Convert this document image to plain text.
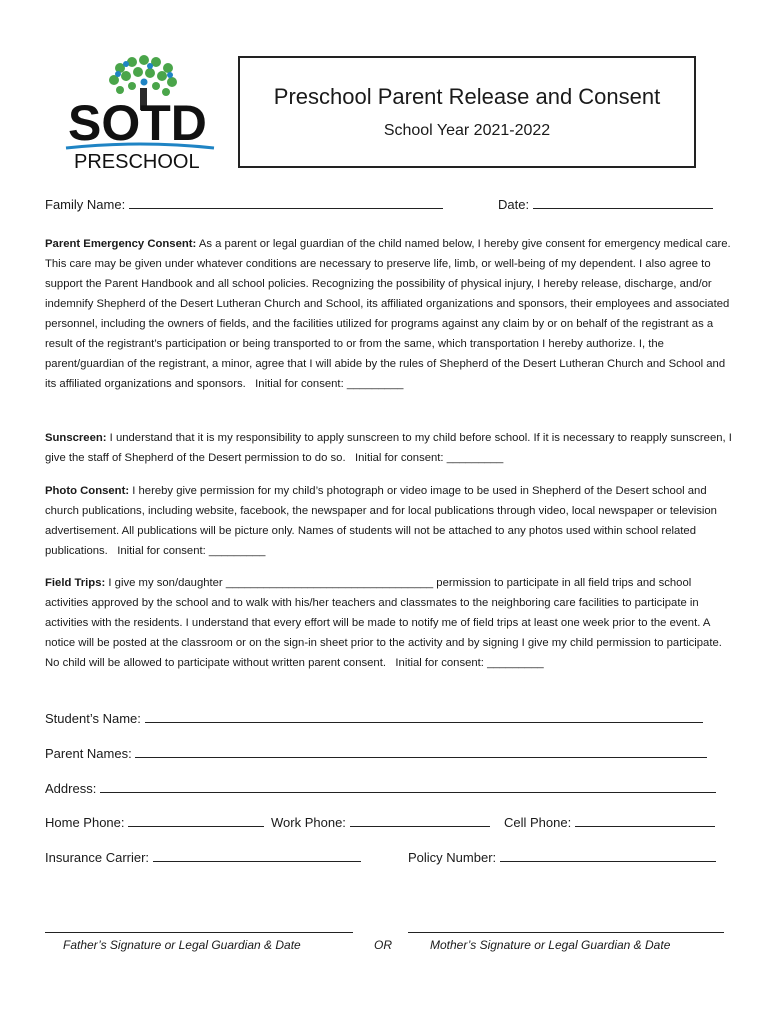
SOTD
PRESCHOOL
Preschool Parent Release and Consent
School Year 2021-2022
Family Name:	Date:
Parent Emergency Consent: As a parent or legal guardian of the child named below, I hereby give consent for emergency medical care. This care may be given under whatever conditions are necessary to preserve life, limb, or well-being of my dependent. I also agree to support the Parent Handbook and all school policies. Recognizing the possibility of physical injury, I hereby release, discharge, and/or indemnify Shepherd of the Desert Lutheran Church and School, its affiliated organizations and sponsors, their employees and associated personnel, including the owners of fields, and the facilities utilized for programs against any claim by or on behalf of the registrant as a result of the registrant’s participation or being transported to or from the same, which transportation I hereby authorize. I, the parent/guardian of the registrant, a minor, agree that I will abide by the rules of Shepherd of the Desert Lutheran Church and School and its affiliated organizations and sponsors. Initial for consent: _________
Sunscreen: I understand that it is my responsibility to apply sunscreen to my child before school. If it is necessary to reapply sunscreen, I give the staff of Shepherd of the Desert permission to do so. Initial for consent: _________
Photo Consent: I hereby give permission for my child’s photograph or video image to be used in Shepherd of the Desert school and church publications, including website, facebook, the newspaper and for local publications through video, local newspaper or television advertisement. All publications will be picture only. Names of students will not be attached to any photos used within school related publications. Initial for consent: _________
Field Trips: I give my son/daughter _________________________________ permission to participate in all field trips and school activities approved by the school and to walk with his/her teachers and classmates to the neighboring care facilities to participate in activities with the residents. I understand that every effort will be made to notify me of field trips at least one week prior to the event. A notice will be posted at the classroom or on the sign-in sheet prior to the activity and by signing I give my child permission to participate. No child will be allowed to participate without written parent consent. Initial for consent: _________
Student’s Name:
Parent Names:
Address:
Home Phone:	Work Phone:	Cell Phone:
Insurance Carrier:	Policy Number:
Father’s Signature or Legal Guardian & Date	OR	Mother’s Signature or Legal Guardian & Date
